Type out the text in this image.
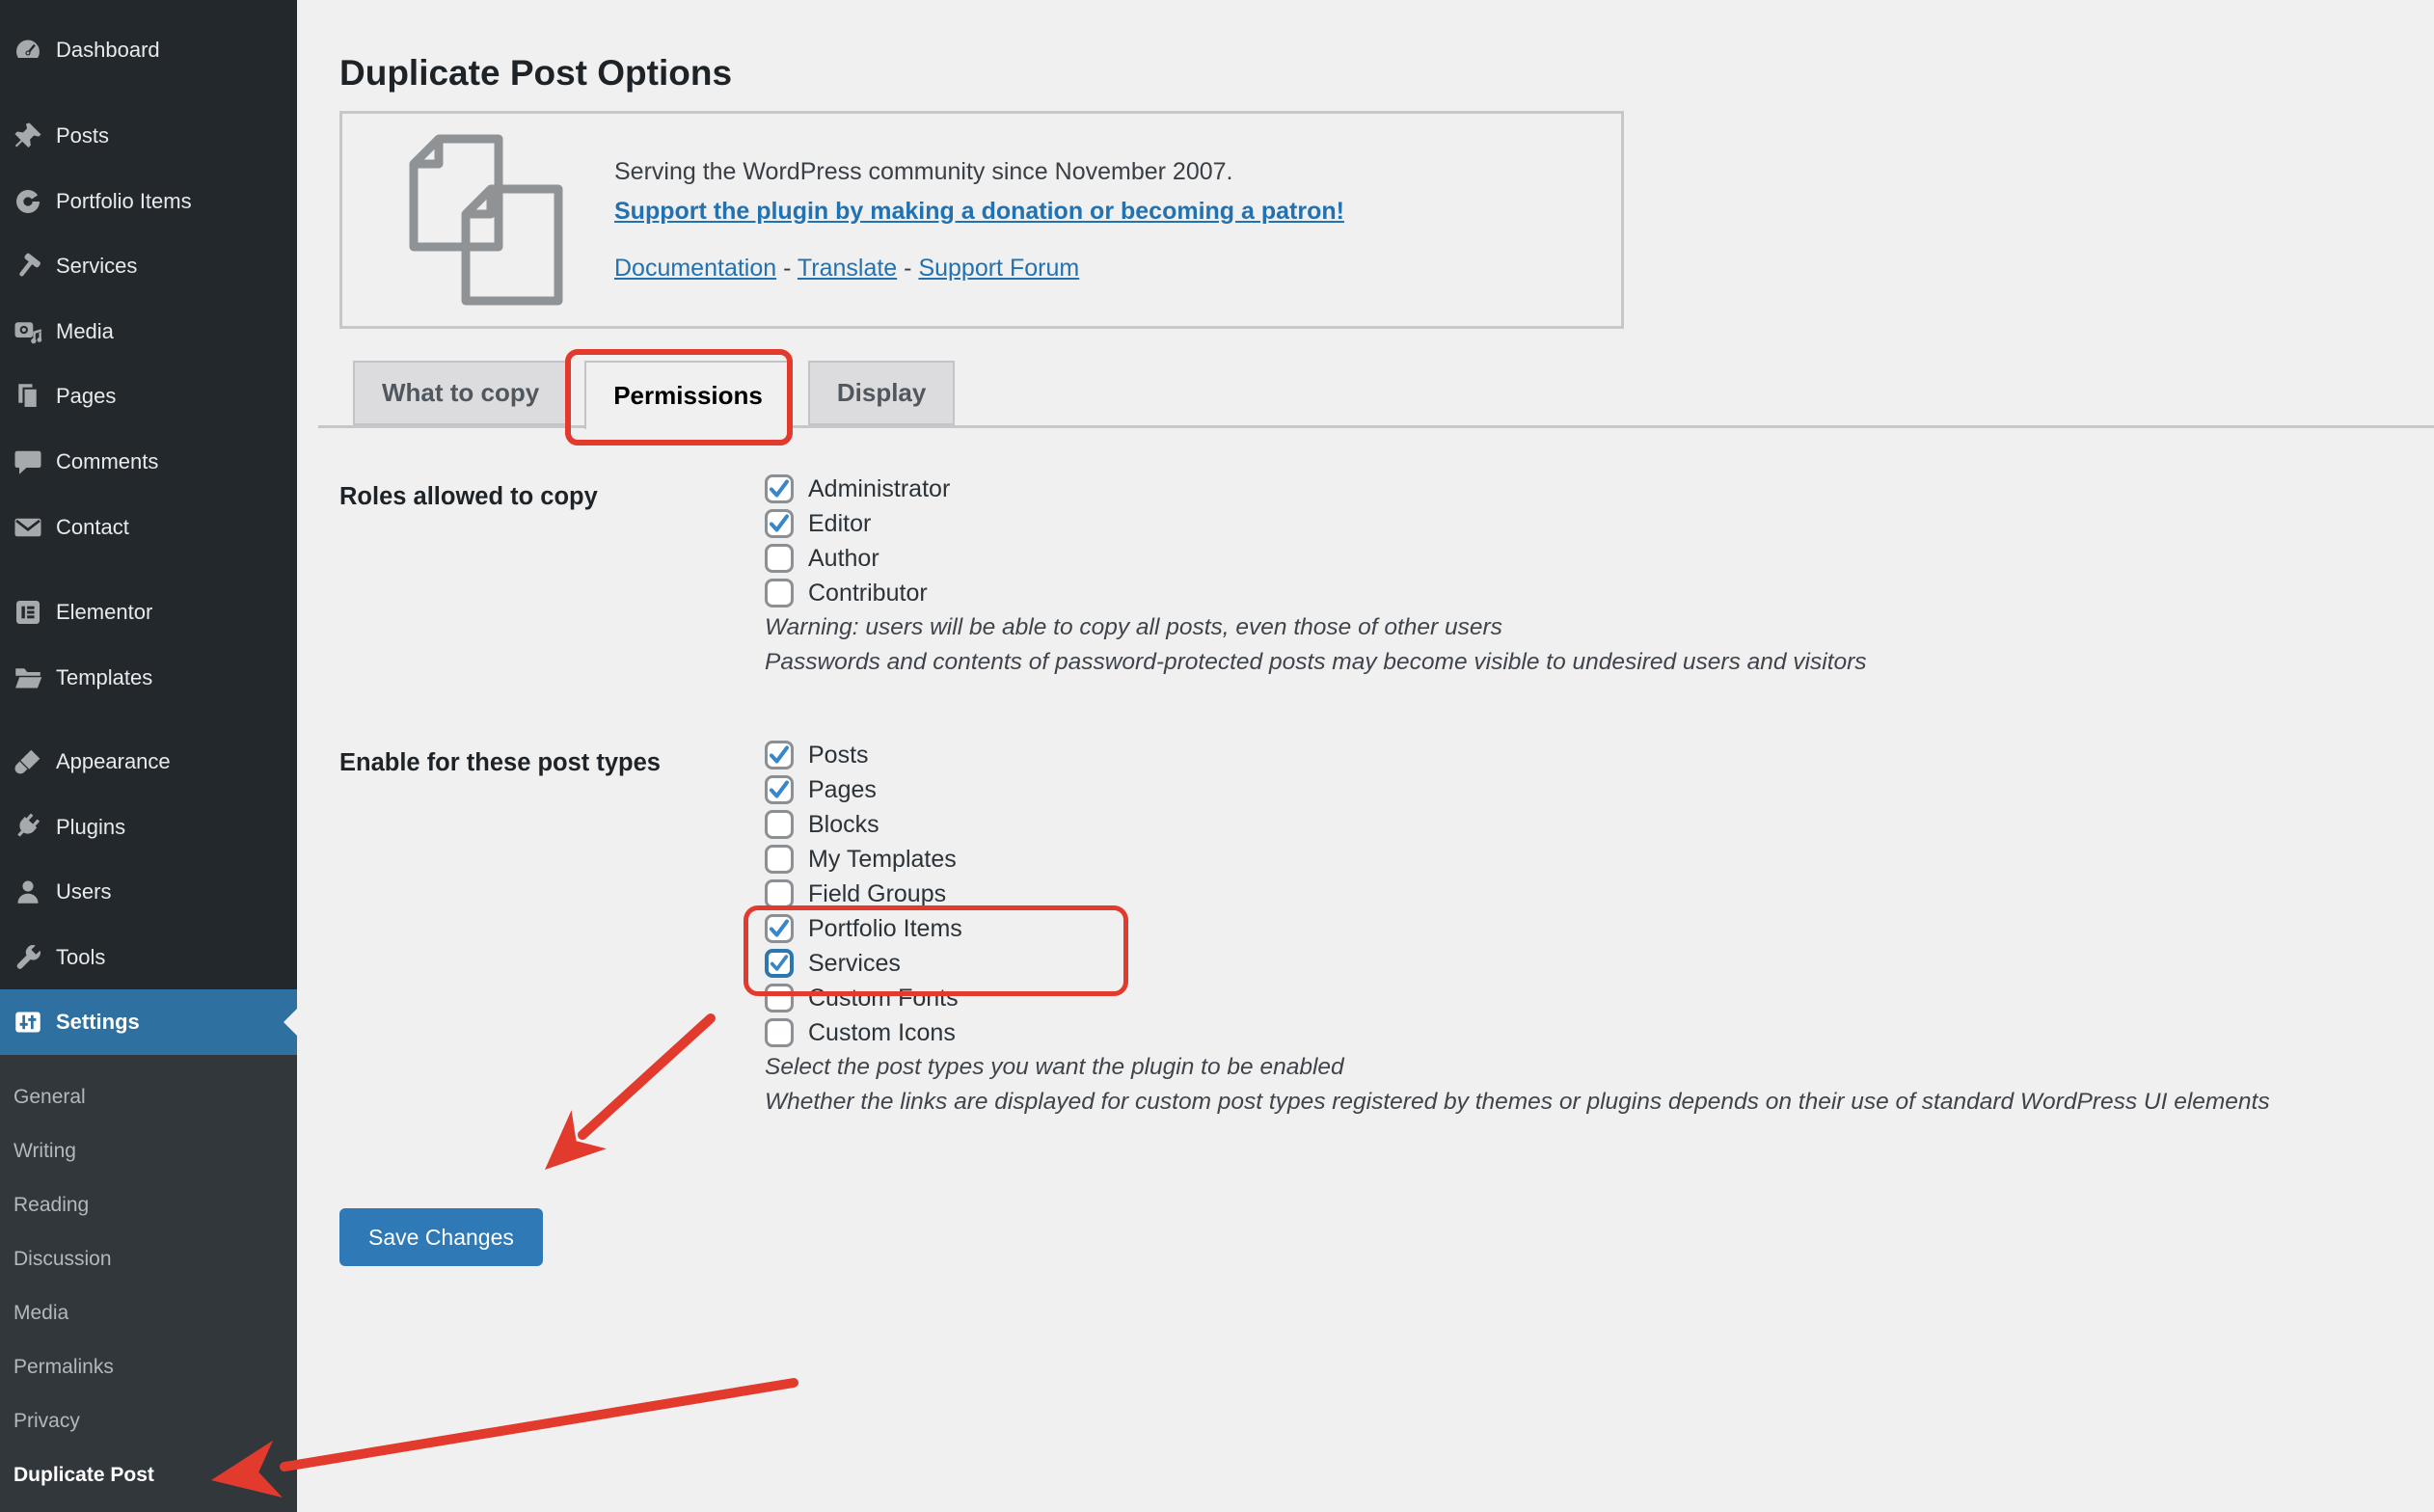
Dashboard
Posts
Portfolio Items
Services
Media
Pages
Comments
Contact
Elementor
Templates
Appearance
Plugins
Users
Tools
Settings
General
Writing
Reading
Discussion
Media
Permalinks
Privacy
Duplicate Post
Duplicate Post Options
Serving the WordPress community since November 2007.
Support the plugin by making a donation or becoming a patron!
Documentation - Translate - Support Forum
What to copy	Permissions	Display
Roles allowed to copy	Administrator
Editor
Author
Contributor
Warning: users will be able to copy all posts, even those of other users
Passwords and contents of password-protected posts may become visible to undesired users and visitors
Enable for these post types	Posts
Pages
Blocks
My Templates
Field Groups
Portfolio Items
Services
Custom Fonts
Custom Icons
Select the post types you want the plugin to be enabled
Whether the links are displayed for custom post types registered by themes or plugins depends on their use of standard WordPress UI elements
Save Changes
